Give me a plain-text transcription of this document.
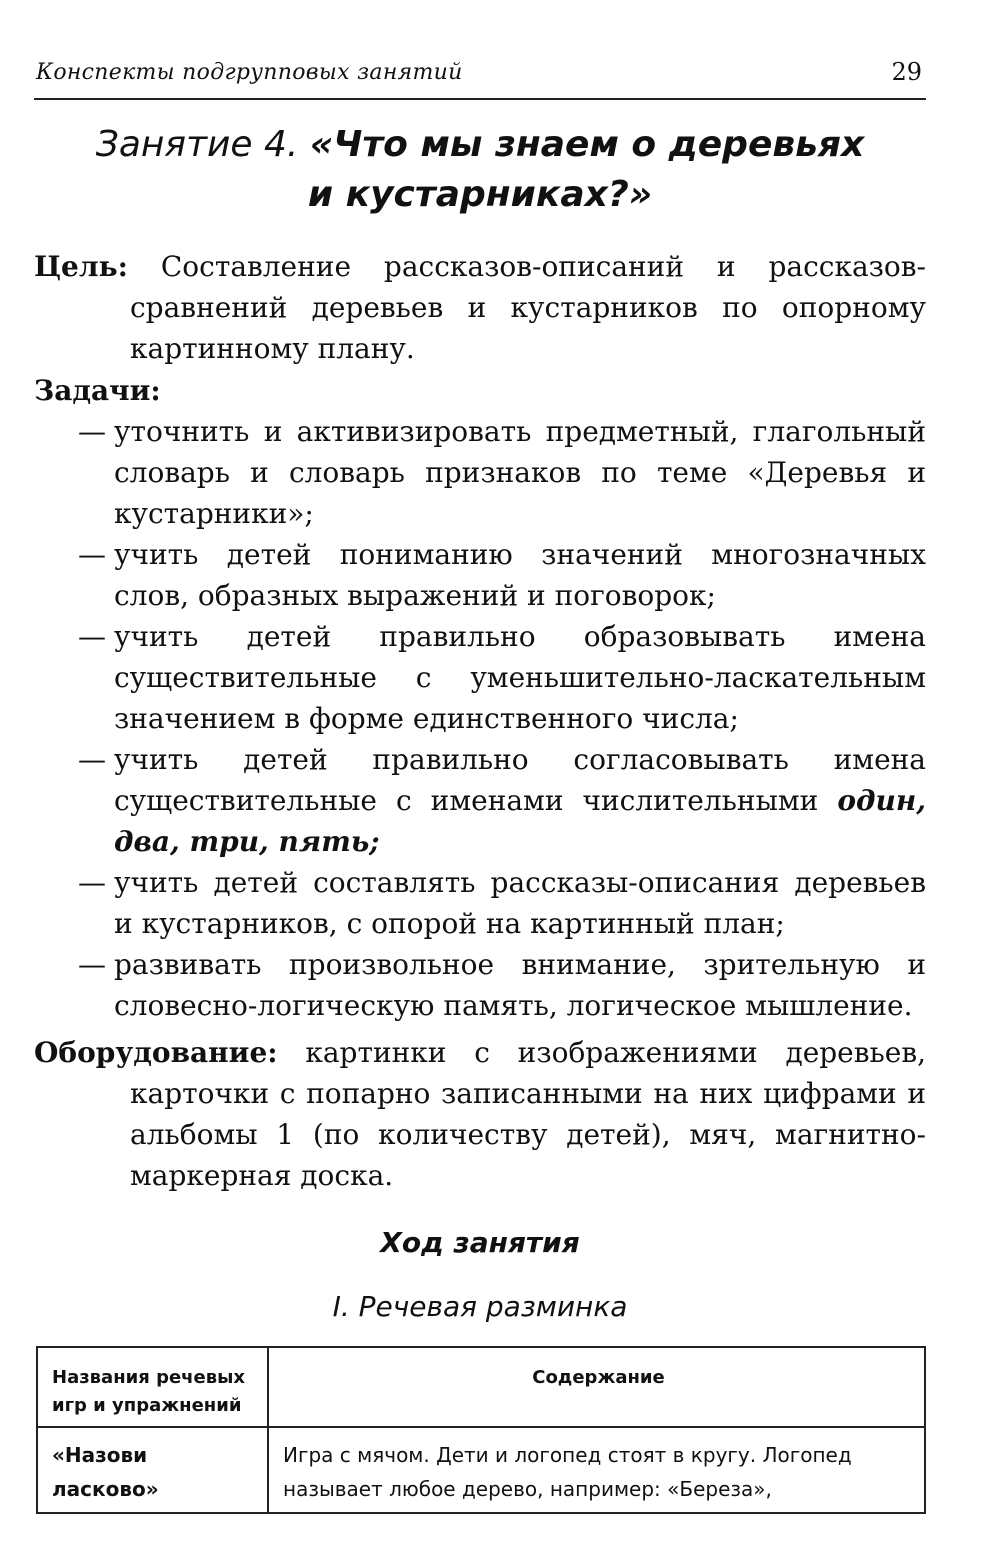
Конспекты подгрупповых занятий	29
Занятие 4. «Что мы знаем о деревьях
и кустарниках?»
Цель: Составление рассказов-описаний и рассказов-сравнений деревьев и кустарников по опорному картинному плану.
Задачи:
— уточнить и активизировать предметный, глагольный словарь и словарь признаков по теме «Деревья и кустарники»;
— учить детей пониманию значений многозначных слов, образных выражений и поговорок;
— учить детей правильно образовывать имена существительные с уменьшительно-ласкательным значением в форме единственного числа;
— учить детей правильно согласовывать имена существительные с именами числительными один, два, три, пять;
— учить детей составлять рассказы-описания деревьев и кустарников, с опорой на картинный план;
— развивать произвольное внимание, зрительную и словесно-логическую память, логическое мышление.
Оборудование: картинки с изображениями деревьев, карточки с попарно записанными на них цифрами и альбомы 1 (по количеству детей), мяч, магнитно-маркерная доска.
Ход занятия
I. Речевая разминка
Названия речевых игр и упражнений	Содержание
«Назови ласково»	Игра с мячом. Дети и логопед стоят в кругу. Логопед называет любое дерево, например: «Береза»,
